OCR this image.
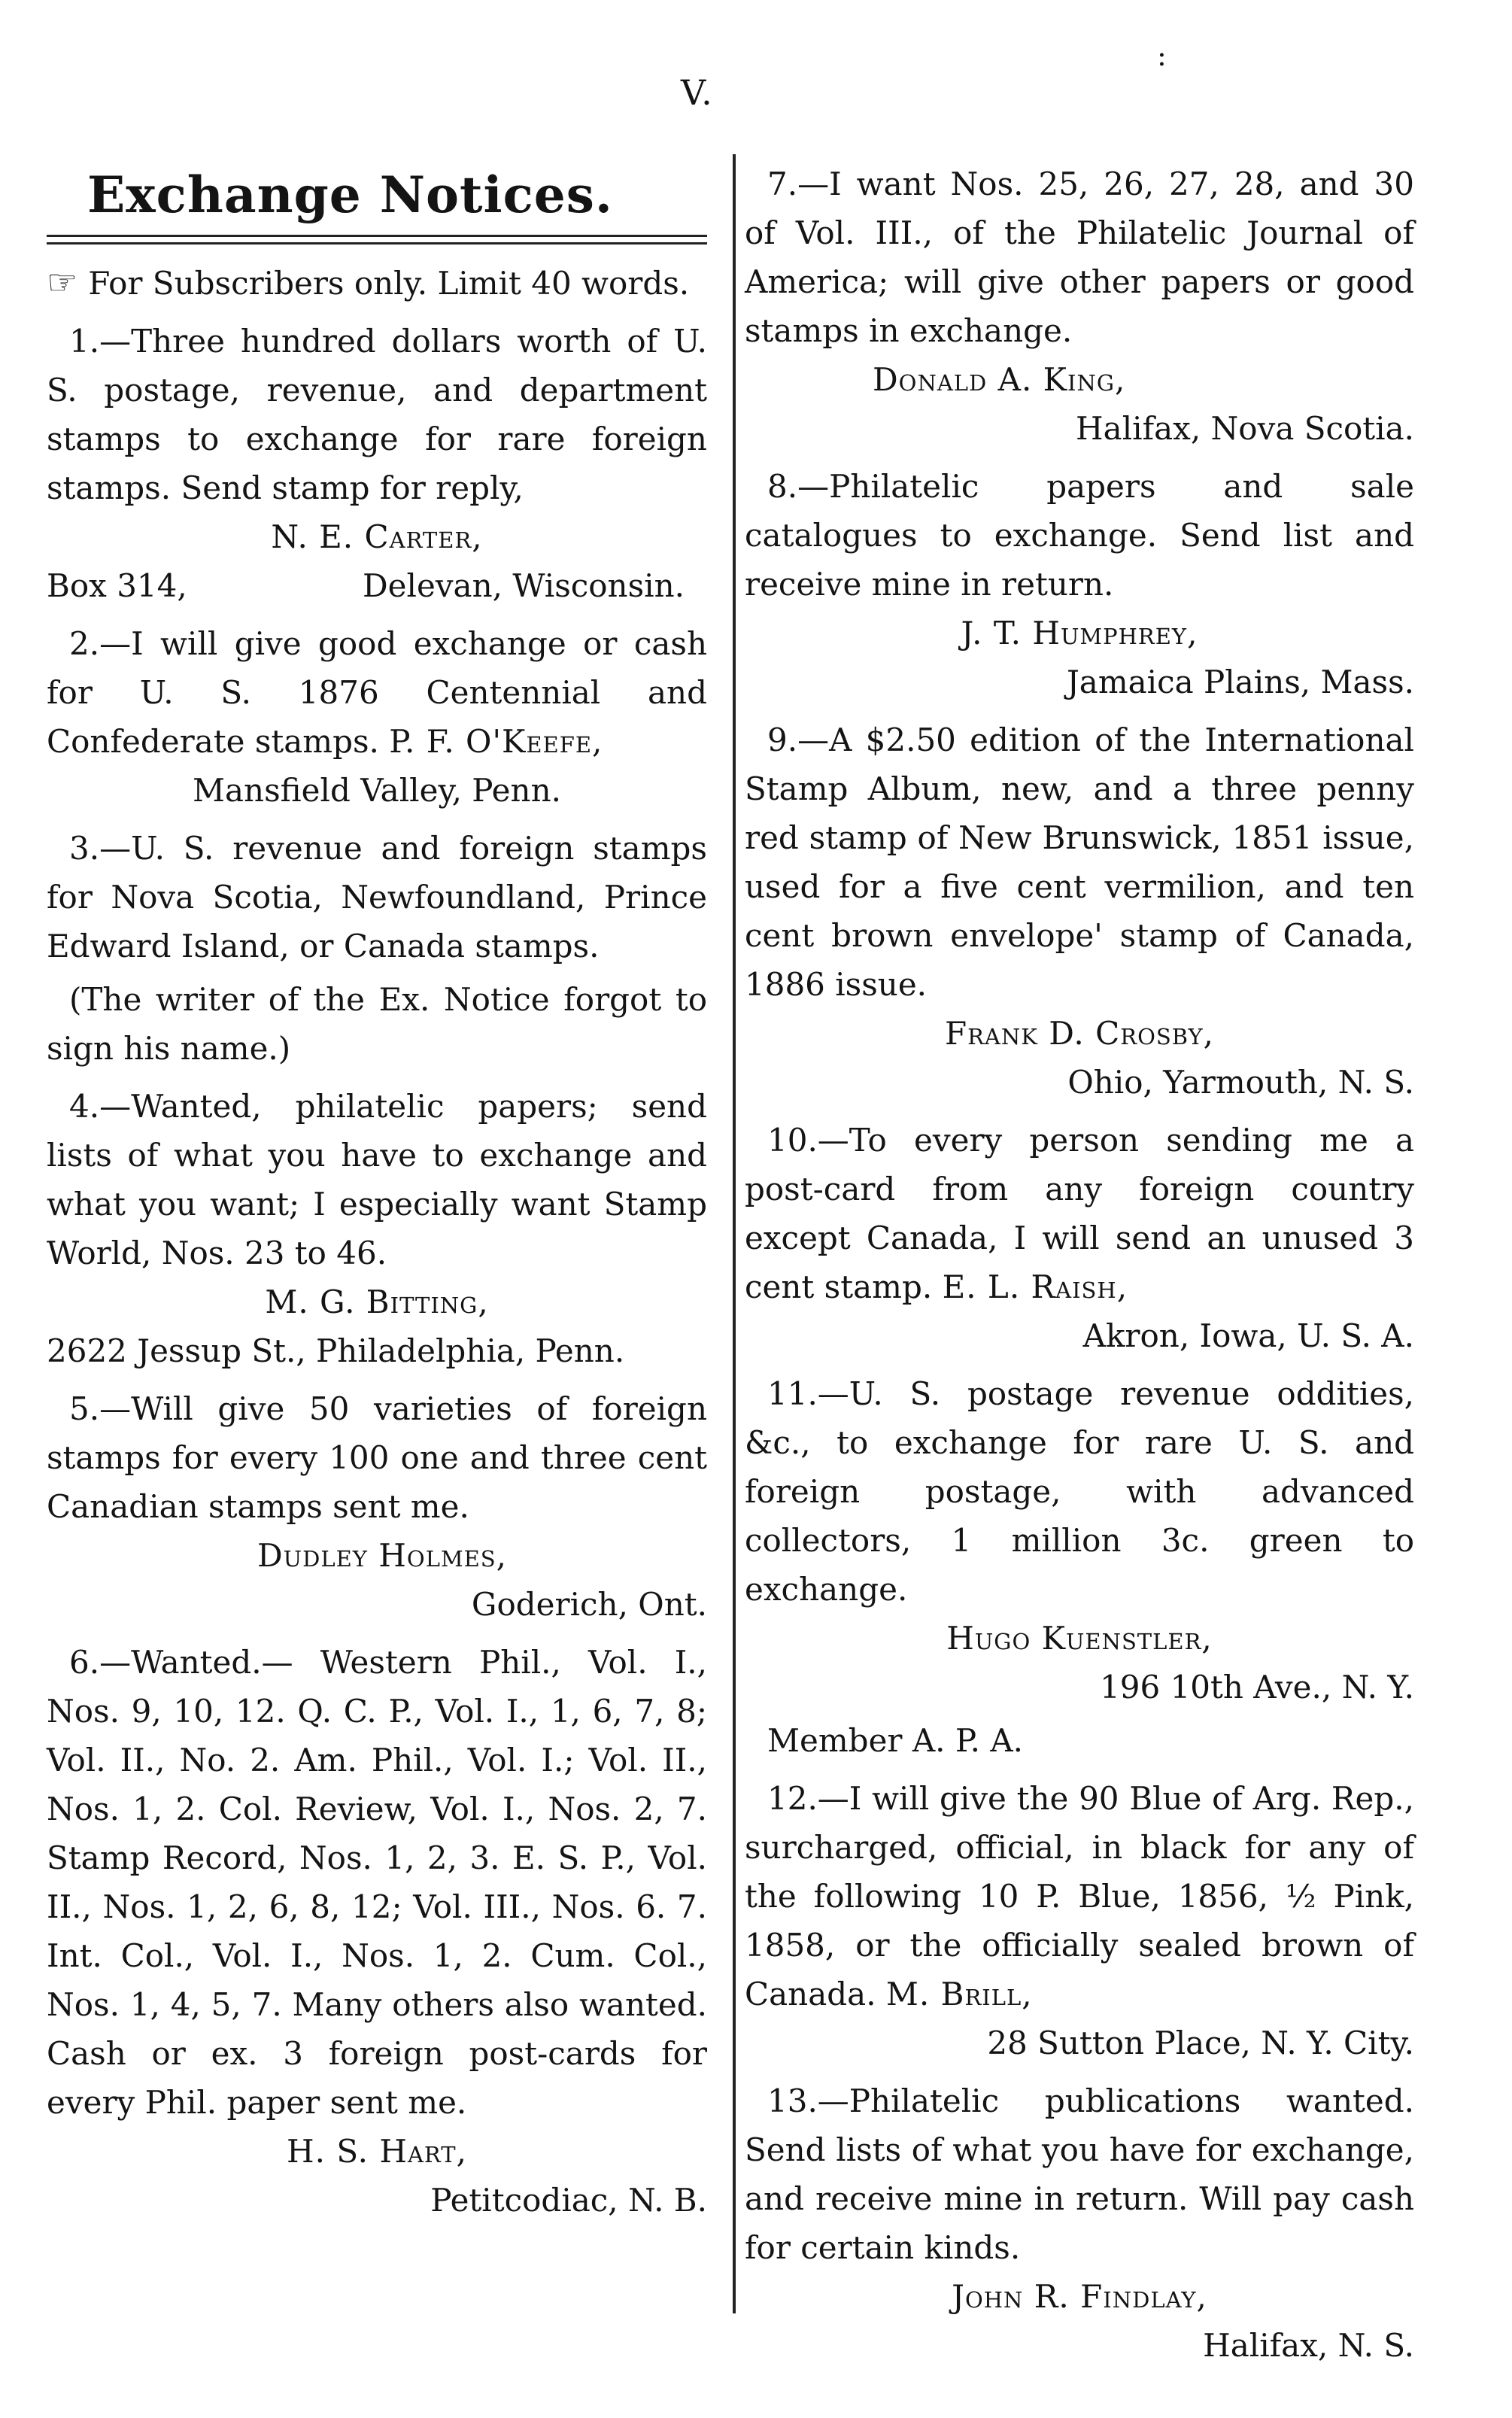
V.
:
Exchange Notices.

☞ For Subscribers only. Limit 40 words.

1.—Three hundred dollars worth of U. S. postage, revenue, and department stamps to exchange for rare foreign stamps. Send stamp for reply,

N. E. Carter,

Box 314,	Delevan, Wisconsin.

2.—I will give good exchange or cash for U. S. 1876 Centennial and Confederate stamps. P. F. O'Keefe,

Mansfield Valley, Penn.

3.—U. S. revenue and foreign stamps for Nova Scotia, Newfoundland, Prince Edward Island, or Canada stamps.

(The writer of the Ex. Notice forgot to sign his name.)

4.—Wanted, philatelic papers; send lists of what you have to exchange and what you want; I especially want Stamp World, Nos. 23 to 46.

M. G. Bitting,

2622 Jessup St., Philadelphia, Penn.

5.—Will give 50 varieties of foreign stamps for every 100 one and three cent Canadian stamps sent me.

Dudley Holmes,

Goderich, Ont.

6.—Wanted.— Western Phil., Vol. I., Nos. 9, 10, 12. Q. C. P., Vol. I., 1, 6, 7, 8; Vol. II., No. 2. Am. Phil., Vol. I.; Vol. II., Nos. 1, 2. Col. Review, Vol. I., Nos. 2, 7. Stamp Record, Nos. 1, 2, 3. E. S. P., Vol. II., Nos. 1, 2, 6, 8, 12; Vol. III., Nos. 6. 7. Int. Col., Vol. I., Nos. 1, 2. Cum. Col., Nos. 1, 4, 5, 7. Many others also wanted. Cash or ex. 3 foreign post-cards for every Phil. paper sent me.

H. S. Hart,

Petitcodiac, N. B.

7.—I want Nos. 25, 26, 27, 28, and 30 of Vol. III., of the Philatelic Journal of America; will give other papers or good stamps in exchange.

Donald A. King,

Halifax, Nova Scotia.

8.—Philatelic papers and sale catalogues to exchange. Send list and receive mine in return.

J. T. Humphrey,

Jamaica Plains, Mass.

9.—A $2.50 edition of the International Stamp Album, new, and a three penny red stamp of New Brunswick, 1851 issue, used for a five cent vermilion, and ten cent brown envelope' stamp of Canada, 1886 issue.

Frank D. Crosby,

Ohio, Yarmouth, N. S.

10.—To every person sending me a post-card from any foreign country except Canada, I will send an unused 3 cent stamp. E. L. Raish,

Akron, Iowa, U. S. A.

11.—U. S. postage revenue oddities, &c., to exchange for rare U. S. and foreign postage, with advanced collectors, 1 million 3c. green to exchange.

Hugo Kuenstler,

196 10th Ave., N. Y.

Member A. P. A.

12.—I will give the 90 Blue of Arg. Rep., surcharged, official, in black for any of the following 10 P. Blue, 1856, ½ Pink, 1858, or the officially sealed brown of Canada. M. Brill,

28 Sutton Place, N. Y. City.

13.—Philatelic publications wanted. Send lists of what you have for exchange, and receive mine in return. Will pay cash for certain kinds.

John R. Findlay,

Halifax, N. S.
